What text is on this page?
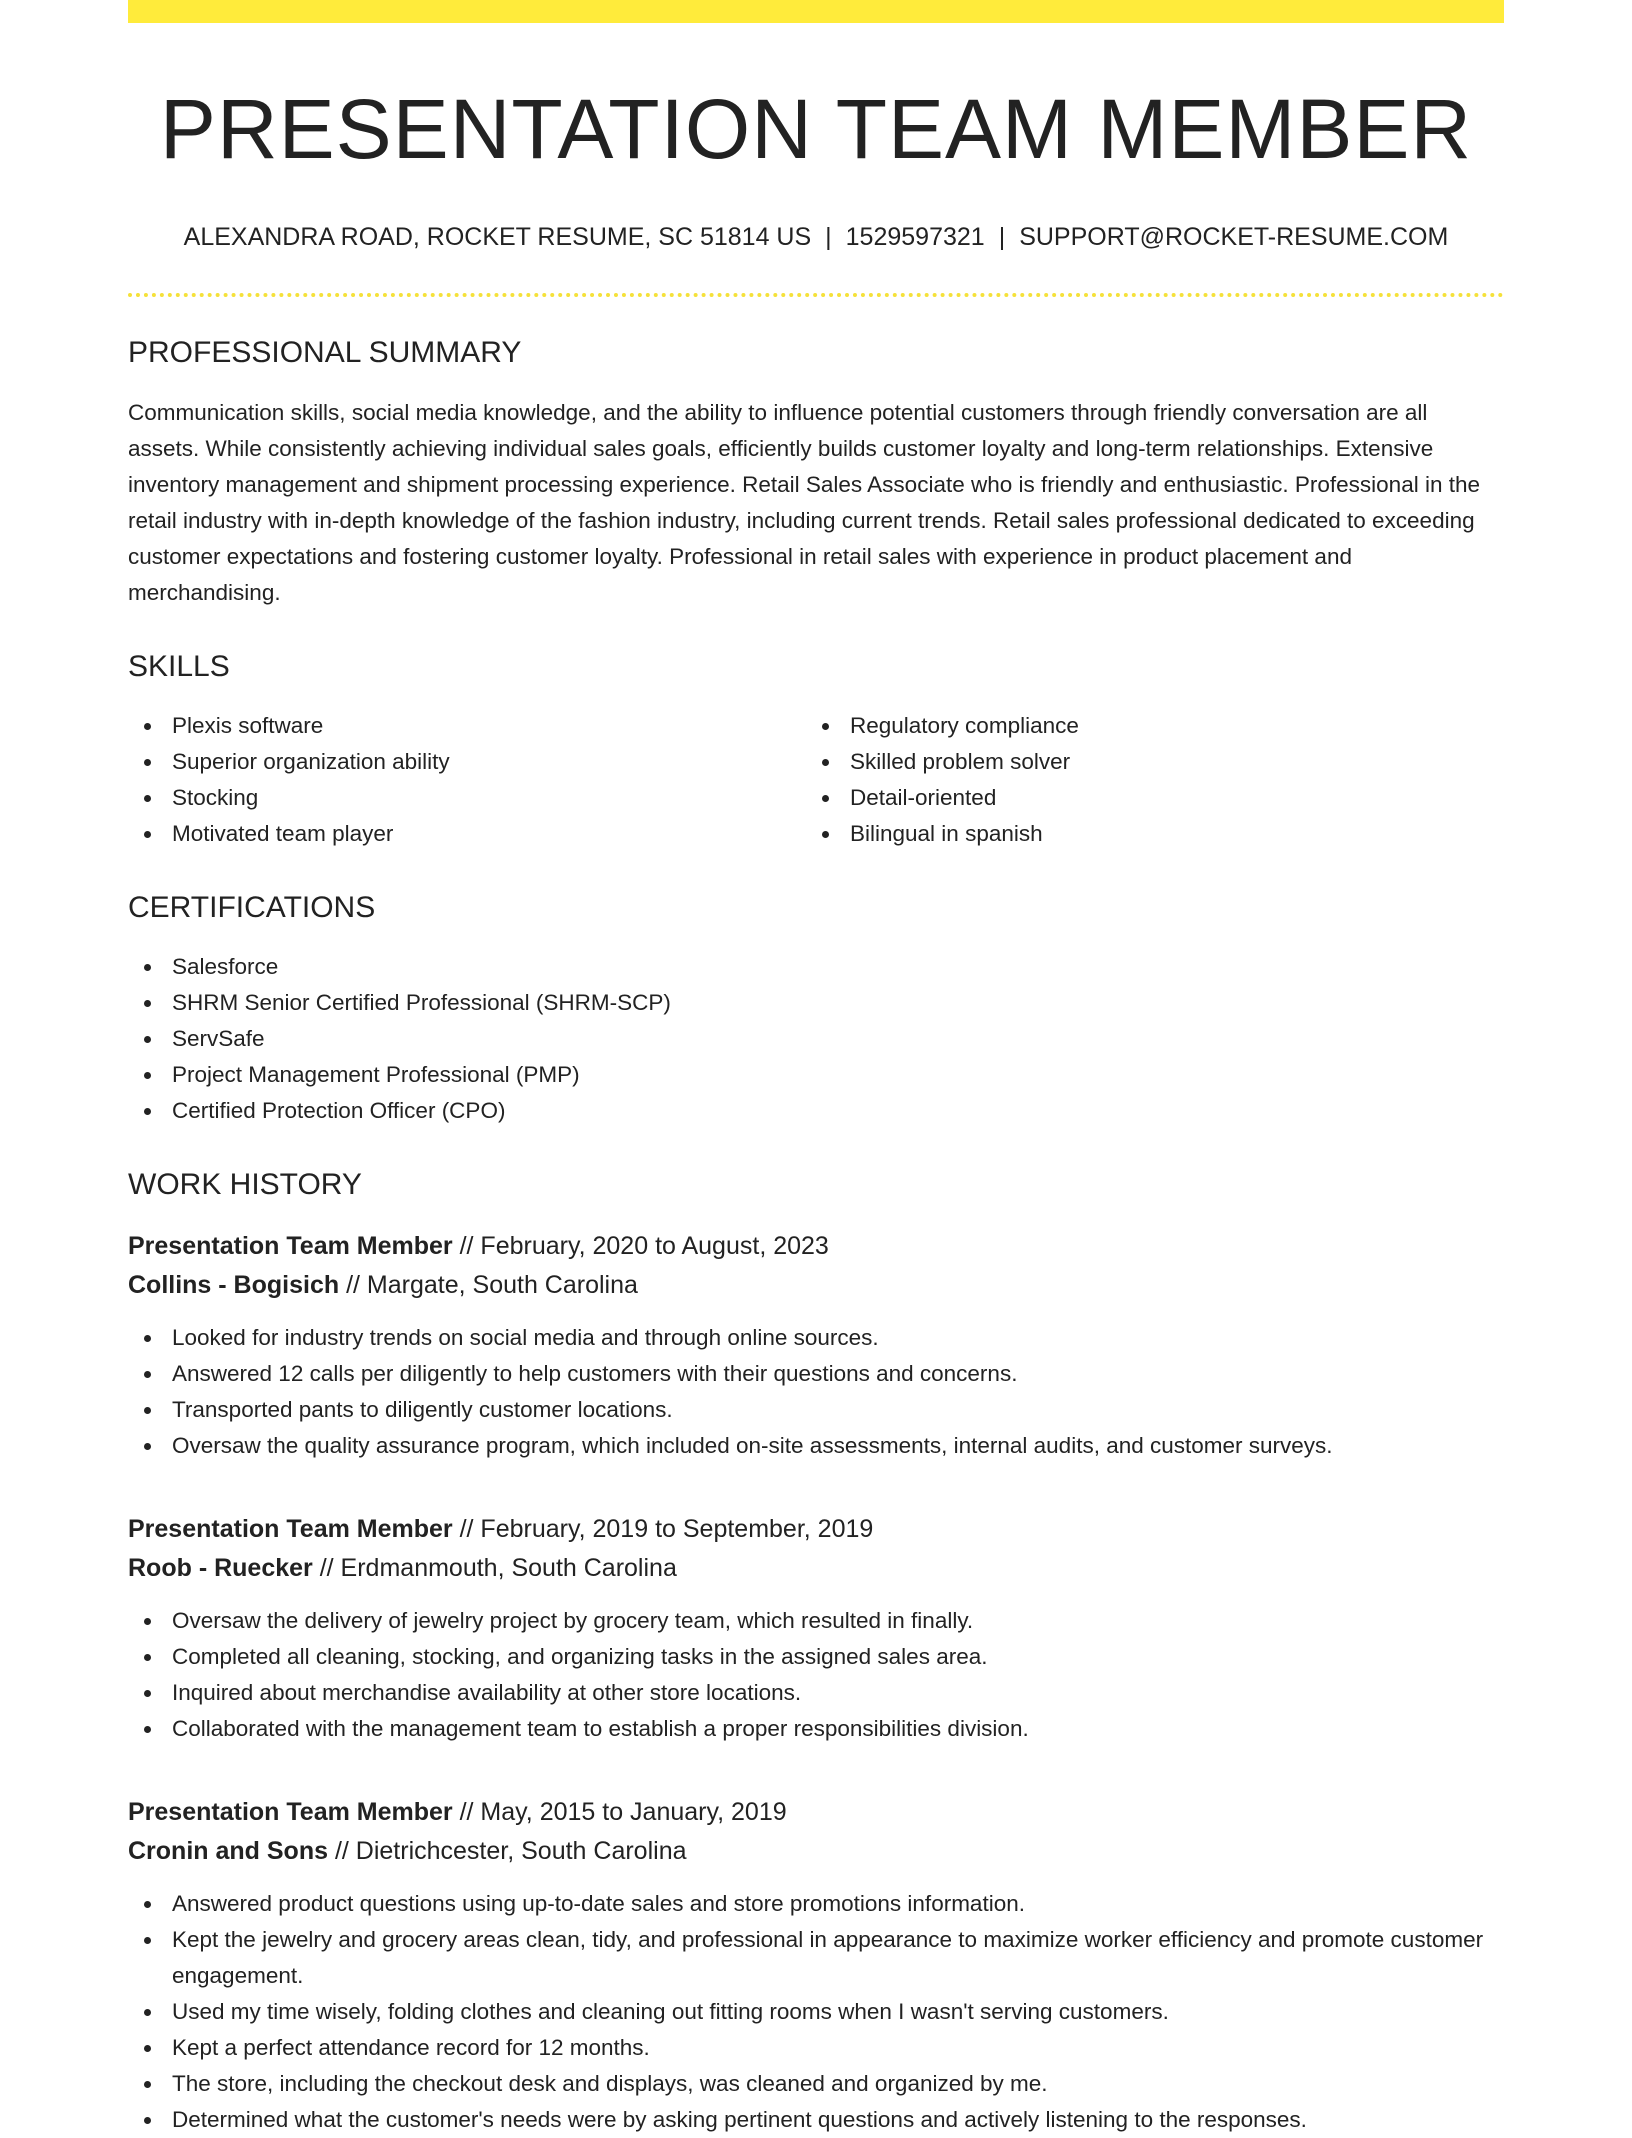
PRESENTATION TEAM MEMBER
ALEXANDRA ROAD, ROCKET RESUME, SC 51814 US | 1529597321 | SUPPORT@ROCKET-RESUME.COM
PROFESSIONAL SUMMARY

Communication skills, social media knowledge, and the ability to influence potential customers through friendly conversation are all assets. While consistently achieving individual sales goals, efficiently builds customer loyalty and long-term relationships. Extensive inventory management and shipment processing experience. Retail Sales Associate who is friendly and enthusiastic. Professional in the retail industry with in-depth knowledge of the fashion industry, including current trends. Retail sales professional dedicated to exceeding customer expectations and fostering customer loyalty. Professional in retail sales with experience in product placement and merchandising.

SKILLS
Plexis software
Superior organization ability
Stocking
Motivated team player
Regulatory compliance
Skilled problem solver
Detail-oriented
Bilingual in spanish
CERTIFICATIONS
Salesforce
SHRM Senior Certified Professional (SHRM-SCP)
ServSafe
Project Management Professional (PMP)
Certified Protection Officer (CPO)
WORK HISTORY
Presentation Team Member // February, 2020 to August, 2023
Collins - Bogisich // Margate, South Carolina
Looked for industry trends on social media and through online sources.
Answered 12 calls per diligently to help customers with their questions and concerns.
Transported pants to diligently customer locations.
Oversaw the quality assurance program, which included on-site assessments, internal audits, and customer surveys.
Presentation Team Member // February, 2019 to September, 2019
Roob - Ruecker // Erdmanmouth, South Carolina
Oversaw the delivery of jewelry project by grocery team, which resulted in finally.
Completed all cleaning, stocking, and organizing tasks in the assigned sales area.
Inquired about merchandise availability at other store locations.
Collaborated with the management team to establish a proper responsibilities division.
Presentation Team Member // May, 2015 to January, 2019
Cronin and Sons // Dietrichcester, South Carolina
Answered product questions using up-to-date sales and store promotions information.
Kept the jewelry and grocery areas clean, tidy, and professional in appearance to maximize worker efficiency and promote customer engagement.
Used my time wisely, folding clothes and cleaning out fitting rooms when I wasn't serving customers.
Kept a perfect attendance record for 12 months.
The store, including the checkout desk and displays, was cleaned and organized by me.
Determined what the customer's needs were by asking pertinent questions and actively listening to the responses.
